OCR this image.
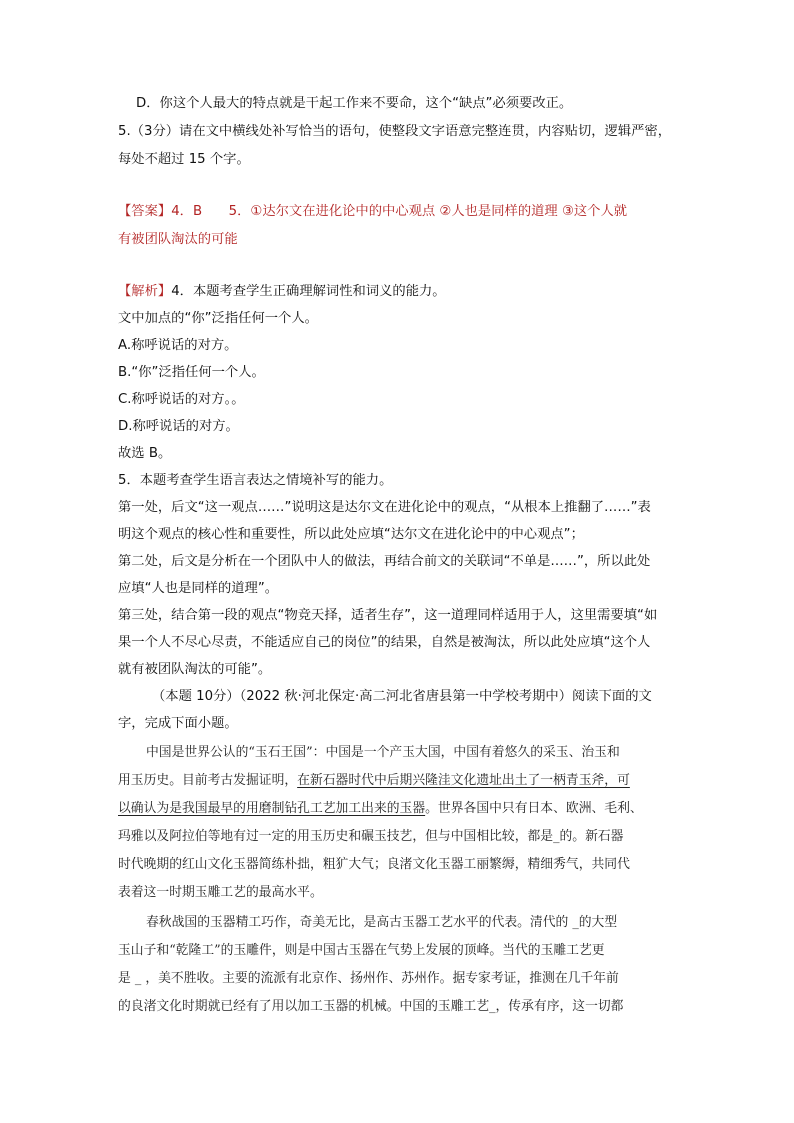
D．你这个人最大的特点就是干起工作来不要命，这个“缺点”必须要改正。
5.（3分）请在文中横线处补写恰当的语句，使整段文字语意完整连贯，内容贴切，逻辑严密，
每处不超过 15 个字。
【答案】4．B　　5．①达尔文在进化论中的中心观点 ②人也是同样的道理 ③这个人就
有被团队淘汰的可能
【解析】4．本题考查学生正确理解词性和词义的能力。
文中加点的“你”泛指任何一个人。
A.称呼说话的对方。
B.“你”泛指任何一个人。
C.称呼说话的对方。。
D.称呼说话的对方。
故选 B。
5．本题考查学生语言表达之情境补写的能力。
第一处，后文“这一观点……”说明这是达尔文在进化论中的观点，“从根本上推翻了……”表
明这个观点的核心性和重要性，所以此处应填“达尔文在进化论中的中心观点”；
第二处，后文是分析在一个团队中人的做法，再结合前文的关联词“不单是……”，所以此处
应填“人也是同样的道理”。
第三处，结合第一段的观点“物竞天择，适者生存”，这一道理同样适用于人，这里需要填“如
果一个人不尽心尽责，不能适应自己的岗位”的结果，自然是被淘汰，所以此处应填“这个人
就有被团队淘汰的可能”。
（本题 10分）（2022 秋·河北保定·高二河北省唐县第一中学校考期中）阅读下面的文
字，完成下面小题。
中国是世界公认的“玉石王国”：中国是一个产玉大国，中国有着悠久的采玉、治玉和
用玉历史。目前考古发掘证明，在新石器时代中后期兴隆洼文化遗址出土了一柄青玉斧，可
以确认为是我国最早的用磨制钻孔工艺加工出来的玉器。世界各国中只有日本、欧洲、毛利、
玛雅以及阿拉伯等地有过一定的用玉历史和碾玉技艺，但与中国相比较，都是_的。新石器
时代晚期的红山文化玉器简练朴拙，粗犷大气；良渚文化玉器工丽繁缛，精细秀气，共同代
表着这一时期玉雕工艺的最高水平。
春秋战国的玉器精工巧作，奇美无比，是高古玉器工艺水平的代表。清代的 _的大型
玉山子和“乾隆工”的玉雕件，则是中国古玉器在气势上发展的顶峰。当代的玉雕工艺更
是 _ ，美不胜收。主要的流派有北京作、扬州作、苏州作。据专家考证，推测在几千年前
的良渚文化时期就已经有了用以加工玉器的机械。中国的玉雕工艺_，传承有序，这一切都
